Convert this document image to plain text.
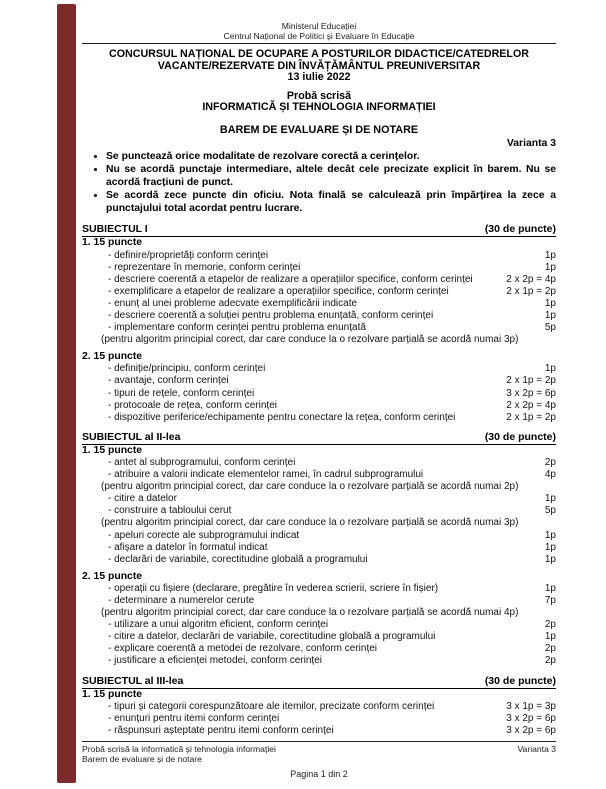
Ministerul Educației
Centrul Național de Politici și Evaluare în Educație
CONCURSUL NAȚIONAL DE OCUPARE A POSTURILOR DIDACTICE/CATEDRELOR
VACANTE/REZERVATE DIN ÎNVĂȚĂMÂNTUL PREUNIVERSITAR
13 iulie 2022
Probă scrisă
INFORMATICĂ ȘI TEHNOLOGIA INFORMAȚIEI
BAREM DE EVALUARE ȘI DE NOTARE
Varianta 3
• Se punctează orice modalitate de rezolvare corectă a cerințelor.
• Nu se acordă punctaje intermediare, altele decât cele precizate explicit în barem. Nu se acordă fracțiuni de punct.
• Se acordă zece puncte din oficiu. Nota finală se calculează prin împărțirea la zece a punctajului total acordat pentru lucrare.
SUBIECTUL I	(30 de puncte)
1. 15 puncte
- definire/proprietăți conform cerinței	1p
- reprezentare în memorie, conform cerinței	1p
- descriere coerentă a etapelor de realizare a operațiilor specifice, conform cerinței	2 x 2p = 4p
- exemplificare a etapelor de realizare a operațiilor specifice, conform cerinței	2 x 1p = 2p
- enunț al unei probleme adecvate exemplificării indicate	1p
- descriere coerentă a soluției pentru problema enunțată, conform cerinței	1p
- implementare conform cerinței pentru problema enunțată	5p
(pentru algoritm principial corect, dar care conduce la o rezolvare parțială se acordă numai 3p)
2. 15 puncte
- definiție/principiu, conform cerinței	1p
- avantaje, conform cerinței	2 x 1p = 2p
- tipuri de rețele, conform cerinței	3 x 2p = 6p
- protocoale de rețea, conform cerinței	2 x 2p = 4p
- dispozitive periferice/echipamente pentru conectare la rețea, conform cerinței	2 x 1p = 2p
SUBIECTUL al II-lea	(30 de puncte)
1. 15 puncte
- antet al subprogramului, conform cerinței	2p
- atribuire a valorii indicate elementelor ramei, în cadrul subprogramului	4p
(pentru algoritm principial corect, dar care conduce la o rezolvare parțială se acordă numai 2p)
- citire a datelor	1p
- construire a tabloului cerut	5p
(pentru algoritm principial corect, dar care conduce la o rezolvare parțială se acordă numai 3p)
- apeluri corecte ale subprogramului indicat	1p
- afișare a datelor în formatul indicat	1p
- declarări de variabile, corectitudine globală a programului	1p
2. 15 puncte
- operații cu fișiere (declarare, pregătire în vederea scrierii, scriere în fișier)	1p
- determinare a numerelor cerute	7p
(pentru algoritm principial corect, dar care conduce la o rezolvare parțială se acordă numai 4p)
- utilizare a unui algoritm eficient, conform cerinței	2p
- citire a datelor, declarări de variabile, corectitudine globală a programului	1p
- explicare coerentă a metodei de rezolvare, conform cerinței	2p
- justificare a eficienței metodei, conform cerinței	2p
SUBIECTUL al III-lea	(30 de puncte)
1. 15 puncte
- tipuri și categorii corespunzătoare ale itemilor, precizate conform cerinței	3 x 1p = 3p
- enunțuri pentru itemi conform cerinței	3 x 2p = 6p
- răspunsuri așteptate pentru itemi conform cerinței	3 x 2p = 6p
Probă scrisă la informatică și tehnologia informației
Barem de evaluare și de notare
Varianta 3
Pagina 1 din 2
